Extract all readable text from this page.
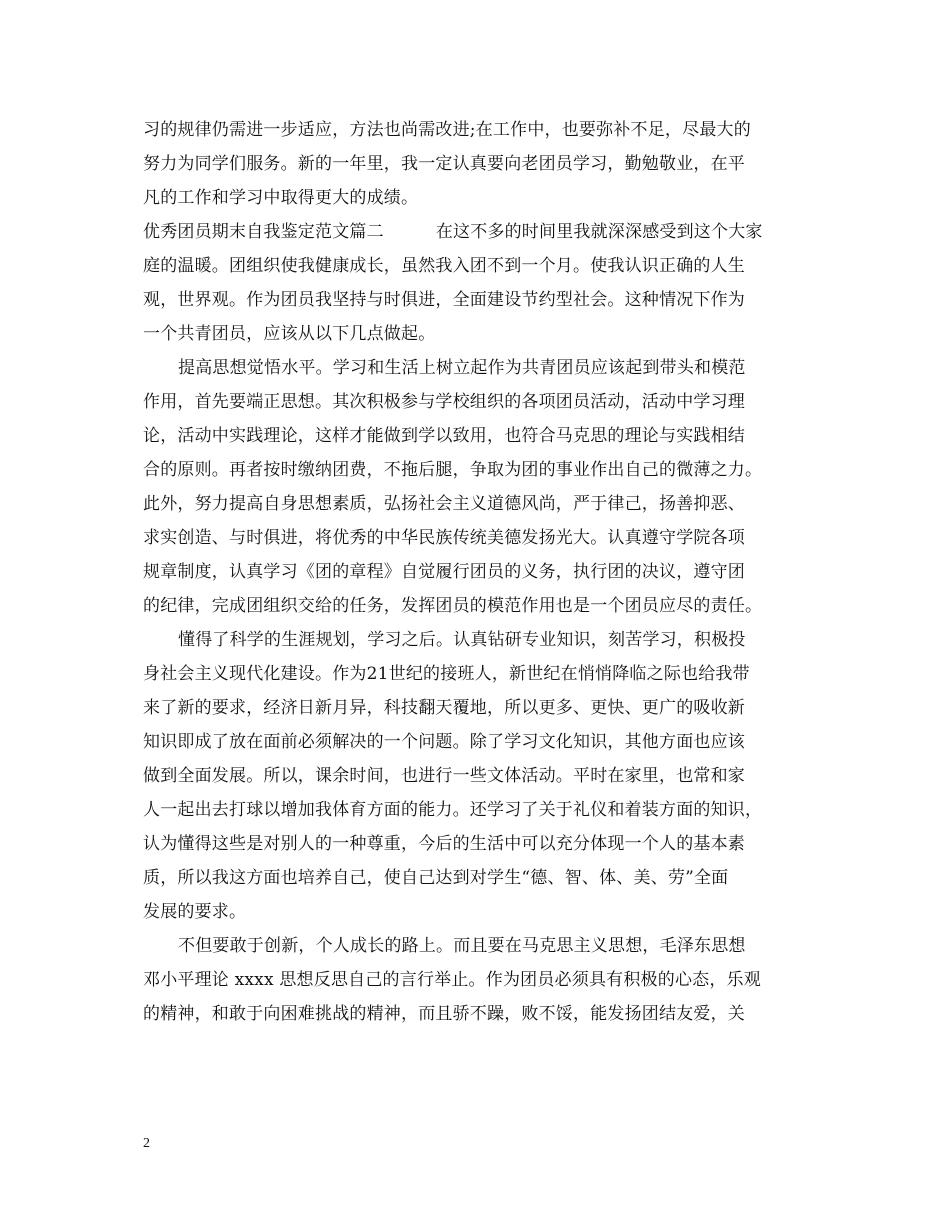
习的规律仍需进一步适应，方法也尚需改进;在工作中，也要弥补不足，尽最大的
努力为同学们服务。新的一年里，我一定认真要向老团员学习，勤勉敬业，在平
凡的工作和学习中取得更大的成绩。
优秀团员期末自我鉴定范文篇二	在这不多的时间里我就深深感受到这个大家
庭的温暖。团组织使我健康成长，虽然我入团不到一个月。使我认识正确的人生
观，世界观。作为团员我坚持与时俱进，全面建设节约型社会。这种情况下作为
一个共青团员，应该从以下几点做起。
提高思想觉悟水平。学习和生活上树立起作为共青团员应该起到带头和模范
作用，首先要端正思想。其次积极参与学校组织的各项团员活动，活动中学习理
论，活动中实践理论，这样才能做到学以致用，也符合马克思的理论与实践相结
合的原则。再者按时缴纳团费，不拖后腿，争取为团的事业作出自己的微薄之力。
此外，努力提高自身思想素质，弘扬社会主义道德风尚，严于律己，扬善抑恶、
求实创造、与时俱进，将优秀的中华民族传统美德发扬光大。认真遵守学院各项
规章制度，认真学习《团的章程》自觉履行团员的义务，执行团的决议，遵守团
的纪律，完成团组织交给的任务，发挥团员的模范作用也是一个团员应尽的责任。
懂得了科学的生涯规划，学习之后。认真钻研专业知识，刻苦学习，积极投
身社会主义现代化建设。作为21世纪的接班人，新世纪在悄悄降临之际也给我带
来了新的要求，经济日新月异，科技翻天覆地，所以更多、更快、更广的吸收新
知识即成了放在面前必须解决的一个问题。除了学习文化知识，其他方面也应该
做到全面发展。所以，课余时间，也进行一些文体活动。平时在家里，也常和家
人一起出去打球以增加我体育方面的能力。还学习了关于礼仪和着装方面的知识，
认为懂得这些是对别人的一种尊重，今后的生活中可以充分体现一个人的基本素
质，所以我这方面也培养自己，使自己达到对学生“德、智、体、美、劳”全面
发展的要求。
不但要敢于创新，个人成长的路上。而且要在马克思主义思想，毛泽东思想
邓小平理论 xxxx 思想反思自己的言行举止。作为团员必须具有积极的心态，乐观
的精神，和敢于向困难挑战的精神，而且骄不躁，败不馁，能发扬团结友爱，关
2
